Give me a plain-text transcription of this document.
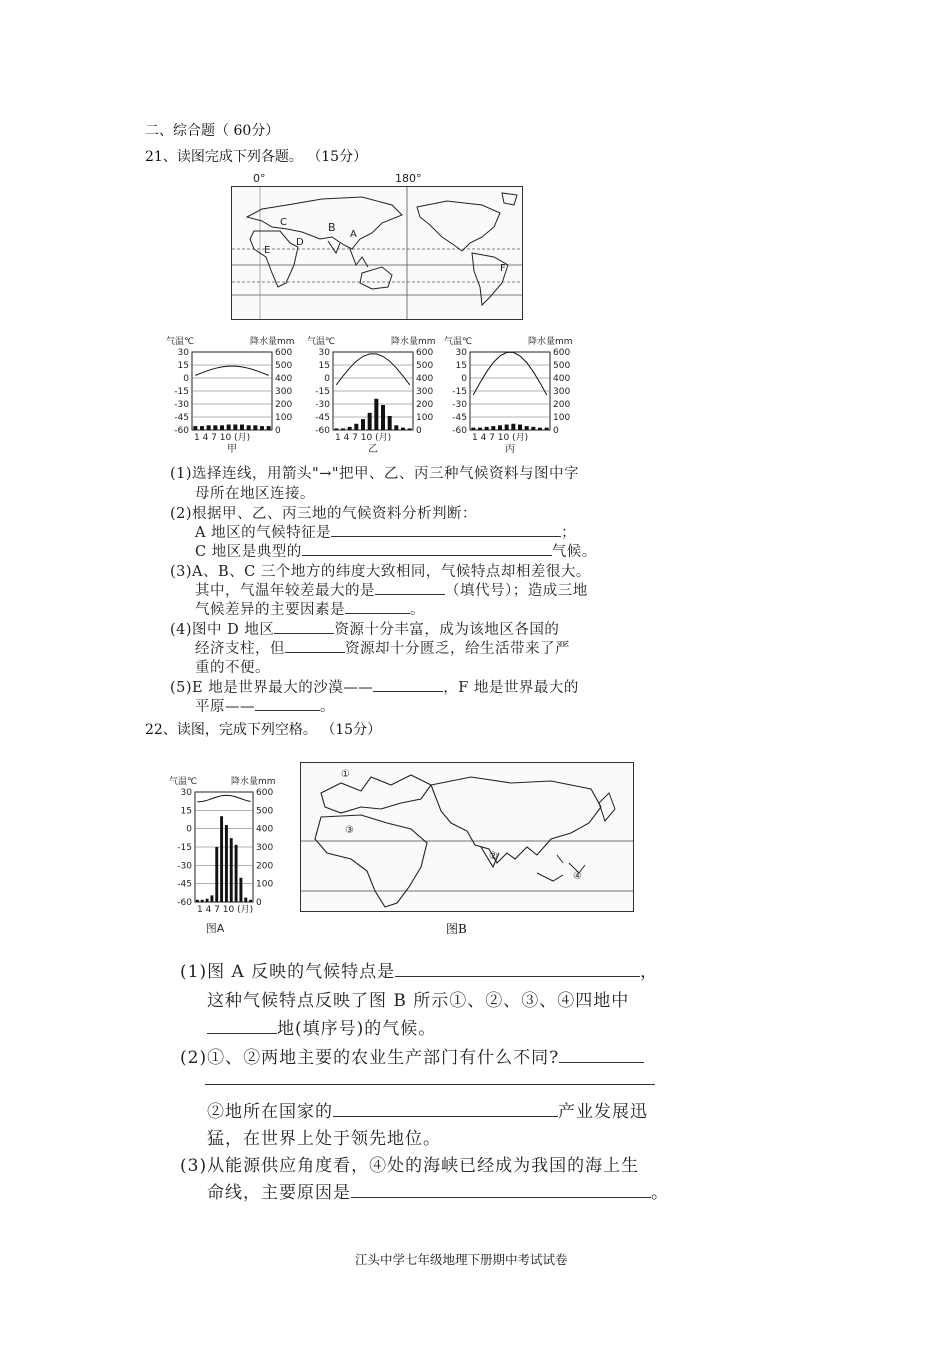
二、综合题（ 60分）
21、读图完成下列各题。 （15分）
0°	180°
A
B
C
D
E
F
30
15
0
-15
-30
-45
-60
600
500
400
300
200
100
0
气温℃	降水量mm
1 4 7 10 (月)
甲
30
15
0
-15
-30
-45
-60
600
500
400
300
200
100
0
气温℃	降水量mm
1 4 7 10 (月)
乙
30
15
0
-15
-30
-45
-60
600
500
400
300
200
100
0
气温℃	降水量mm
1 4 7 10 (月)
丙
(1)选择连线，用箭头"→"把甲、乙、丙三种气候资料与图中字
母所在地区连接。
(2)根据甲、乙、丙三地的气候资料分析判断：
A 地区的气候特征是	；
C 地区是典型的	气候。
(3)A、B、C 三个地方的纬度大致相同，气候特点却相差很大。
其中，气温年较差最大的是	（填代号）；造成三地
气候差异的主要因素是	。
(4)图中 D 地区	资源十分丰富，成为该地区各国的
经济支柱，但	资源却十分匮乏，给生活带来了严
重的不便。
(5)E 地是世界最大的沙漠——	，F 地是世界最大的
平原——	。
22、读图，完成下列空格。 （15分）
30
15
0
-15
-30
-45
-60
600
500
400
300
200
100
0
气温℃	降水量mm
1 4 7 10 (月)
图A
①
②
③
④
图B
(1)图 A 反映的气候特点是	，
这种气候特点反映了图 B 所示①、②、③、④四地中
地(填序号)的气候。
(2)①、②两地主要的农业生产部门有什么不同?
②地所在国家的	产业发展迅
猛，在世界上处于领先地位。
(3)从能源供应角度看，④处的海峡已经成为我国的海上生
命线，主要原因是	。
江头中学七年级地理下册期中考试试卷
